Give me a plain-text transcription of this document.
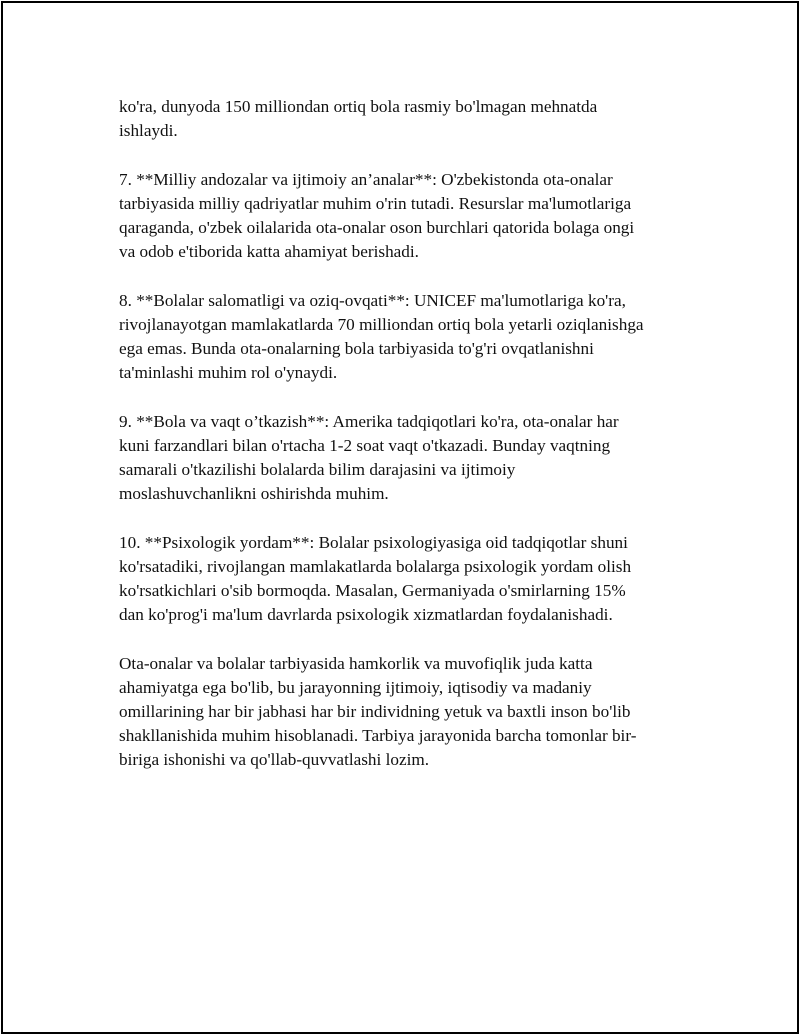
ko'ra, dunyoda 150 milliondan ortiq bola rasmiy bo'lmagan mehnatda
ishlaydi.

7. **Milliy andozalar va ijtimoiy an’analar**: O'zbekistonda ota-onalar
tarbiyasida milliy qadriyatlar muhim o'rin tutadi. Resurslar ma'lumotlariga
qaraganda, o'zbek oilalarida ota-onalar oson burchlari qatorida bolaga ongi
va odob e'tiborida katta ahamiyat berishadi.

8. **Bolalar salomatligi va oziq-ovqati**: UNICEF ma'lumotlariga ko'ra,
rivojlanayotgan mamlakatlarda 70 milliondan ortiq bola yetarli oziqlanishga
ega emas. Bunda ota-onalarning bola tarbiyasida to'g'ri ovqatlanishni
ta'minlashi muhim rol o'ynaydi.

9. **Bola va vaqt o’tkazish**: Amerika tadqiqotlari ko'ra, ota-onalar har
kuni farzandlari bilan o'rtacha 1-2 soat vaqt o'tkazadi. Bunday vaqtning
samarali o'tkazilishi bolalarda bilim darajasini va ijtimoiy
moslashuvchanlikni oshirishda muhim.

10. **Psixologik yordam**: Bolalar psixologiyasiga oid tadqiqotlar shuni
ko'rsatadiki, rivojlangan mamlakatlarda bolalarga psixologik yordam olish
ko'rsatkichlari o'sib bormoqda. Masalan, Germaniyada o'smirlarning 15%
dan ko'prog'i ma'lum davrlarda psixologik xizmatlardan foydalanishadi.

Ota-onalar va bolalar tarbiyasida hamkorlik va muvofiqlik juda katta
ahamiyatga ega bo'lib, bu jarayonning ijtimoiy, iqtisodiy va madaniy
omillarining har bir jabhasi har bir individning yetuk va baxtli inson bo'lib
shakllanishida muhim hisoblanadi. Tarbiya jarayonida barcha tomonlar bir-
biriga ishonishi va qo'llab-quvvatlashi lozim.
